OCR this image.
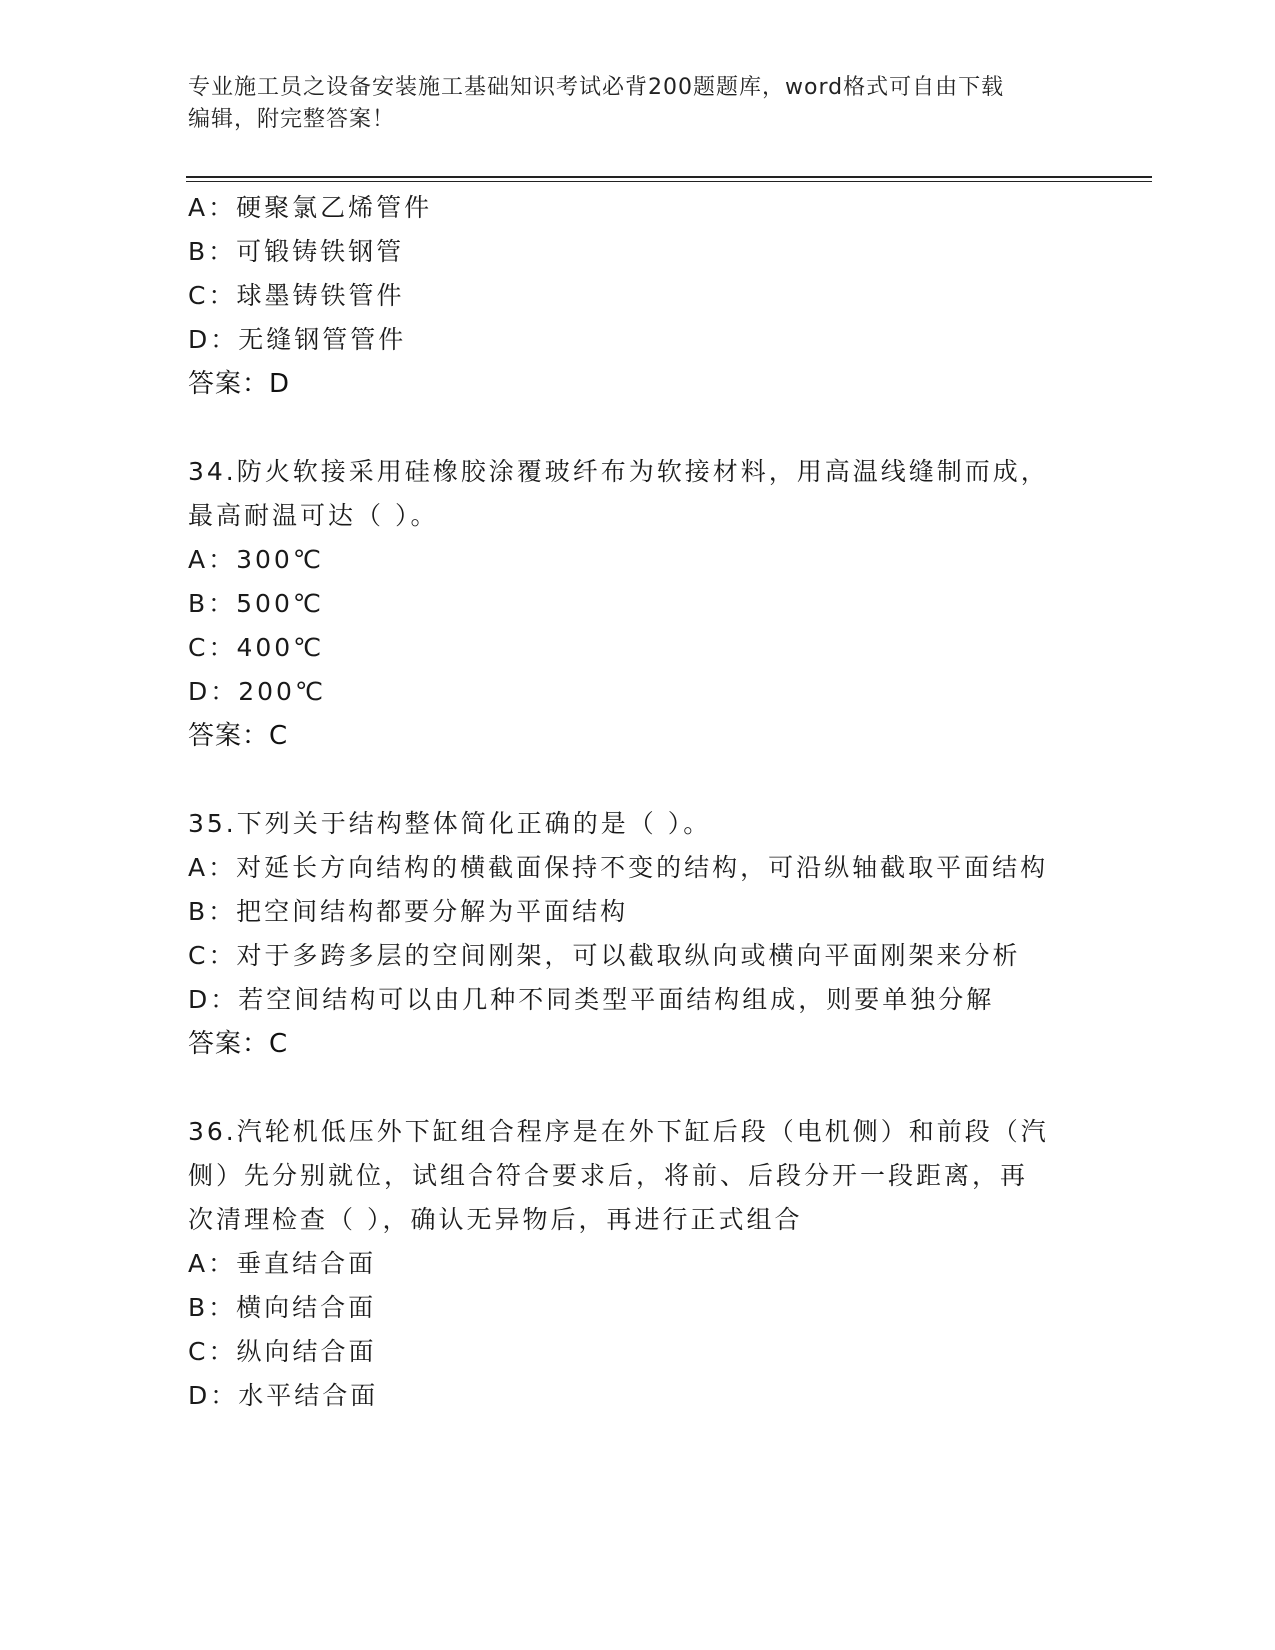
专业施工员之设备安装施工基础知识考试必背200题题库，word格式可自由下载
编辑，附完整答案！
A：硬聚氯乙烯管件
B：可锻铸铁钢管
C：球墨铸铁管件
D：无缝钢管管件
答案：D
34.防火软接采用硅橡胶涂覆玻纤布为软接材料，用高温线缝制而成，
最高耐温可达（ ）。
A：300℃
B：500℃
C：400℃
D：200℃
答案：C
35.下列关于结构整体简化正确的是（ ）。
A：对延长方向结构的横截面保持不变的结构，可沿纵轴截取平面结构
B：把空间结构都要分解为平面结构
C：对于多跨多层的空间刚架，可以截取纵向或横向平面刚架来分析
D：若空间结构可以由几种不同类型平面结构组成，则要单独分解
答案：C
36.汽轮机低压外下缸组合程序是在外下缸后段（电机侧）和前段（汽
侧）先分别就位，试组合符合要求后，将前、后段分开一段距离，再
次清理检查（ ），确认无异物后，再进行正式组合
A：垂直结合面
B：横向结合面
C：纵向结合面
D：水平结合面
